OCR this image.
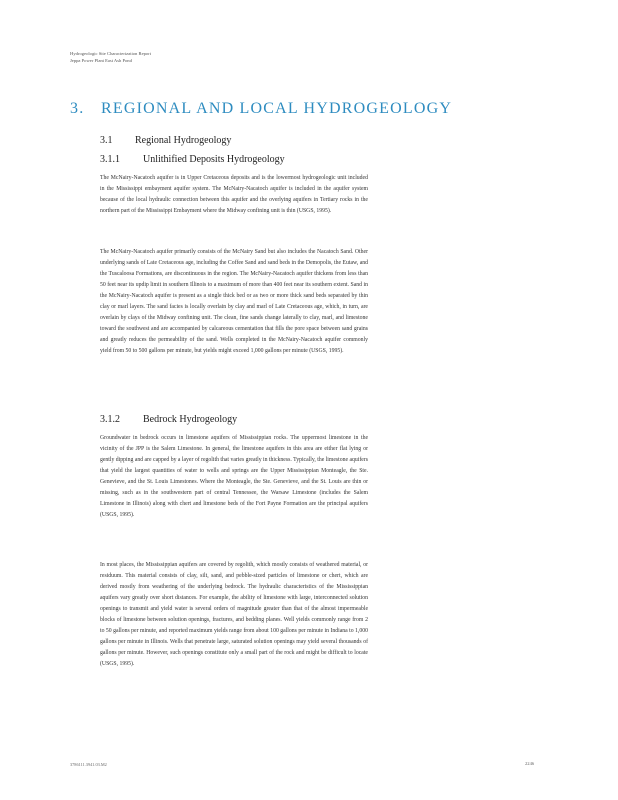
Hydrogeologic Site Characterization Report
Jeppa Power Plant East Ash Pond
3. REGIONAL AND LOCAL HYDROGEOLOGY
3.1 Regional Hydrogeology
3.1.1 Unlithified Deposits Hydrogeology

The McNairy-Nacatoch aquifer is in Upper Cretaceous deposits and is the lowermost hydrogeologic unit included in the Mississippi embayment aquifer system. The McNairy-Nacatoch aquifer is included in the aquifer system because of the local hydraulic connection between this aquifer and the overlying aquifers in Tertiary rocks in the northern part of the Mississippi Embayment where the Midway confining unit is thin (USGS, 1995).

The McNairy-Nacatoch aquifer primarily consists of the McNairy Sand but also includes the Nacatoch Sand. Other underlying sands of Late Cretaceous age, including the Coffee Sand and sand beds in the Demopolis, the Eutaw, and the Tuscaloosa Formations, are discontinuous in the region. The McNairy-Nacatoch aquifer thickens from less than 50 feet near its updip limit in southern Illinois to a maximum of more than 400 feet near its southern extent. Sand in the McNairy-Nacatoch aquifer is present as a single thick bed or as two or more thick sand beds separated by thin clay or marl layers. The sand facies is locally overlain by clay and marl of Late Cretaceous age, which, in turn, are overlain by clays of the Midway confining unit. The clean, fine sands change laterally to clay, marl, and limestone toward the southwest and are accompanied by calcareous cementation that fills the pore space between sand grains and greatly reduces the permeability of the sand. Wells completed in the McNairy-Nacatoch aquifer commonly yield from 50 to 500 gallons per minute, but yields might exceed 1,000 gallons per minute (USGS, 1995).

3.1.2 Bedrock Hydrogeology

Groundwater in bedrock occurs in limestone aquifers of Mississippian rocks. The uppermost limestone in the vicinity of the JPP is the Salem Limestone. In general, the limestone aquifers in this area are either flat lying or gently dipping and are capped by a layer of regolith that varies greatly in thickness. Typically, the limestone aquifers that yield the largest quantities of water to wells and springs are the Upper Mississippian Monteagle, the Ste. Genevieve, and the St. Louis Limestones. Where the Monteagle, the Ste. Genevieve, and the St. Louis are thin or missing, such as in the southwestern part of central Tennessee, the Warsaw Limestone (includes the Salem Limestone in Illinois) along with chert and limestone beds of the Fort Payne Formation are the principal aquifers (USGS, 1995).

In most places, the Mississippian aquifers are covered by regolith, which mostly consists of weathered material, or residuum. This material consists of clay, silt, sand, and pebble-sized particles of limestone or chert, which are derived mostly from weathering of the underlying bedrock. The hydraulic characteristics of the Mississippian aquifers vary greatly over short distances. For example, the ability of limestone with large, interconnected solution openings to transmit and yield water is several orders of magnitude greater than that of the almost impermeable blocks of limestone between solution openings, fractures, and bedding planes. Well yields commonly range from 2 to 50 gallons per minute, and reported maximum yields range from about 100 gallons per minute in Indiana to 1,000 gallons per minute in Illinois. Wells that penetrate large, saturated solution openings may yield several thousands of gallons per minute. However, such openings constitute only a small part of the rock and might be difficult to locate (USGS, 1995).

3786111.3941.03.M2	2246
